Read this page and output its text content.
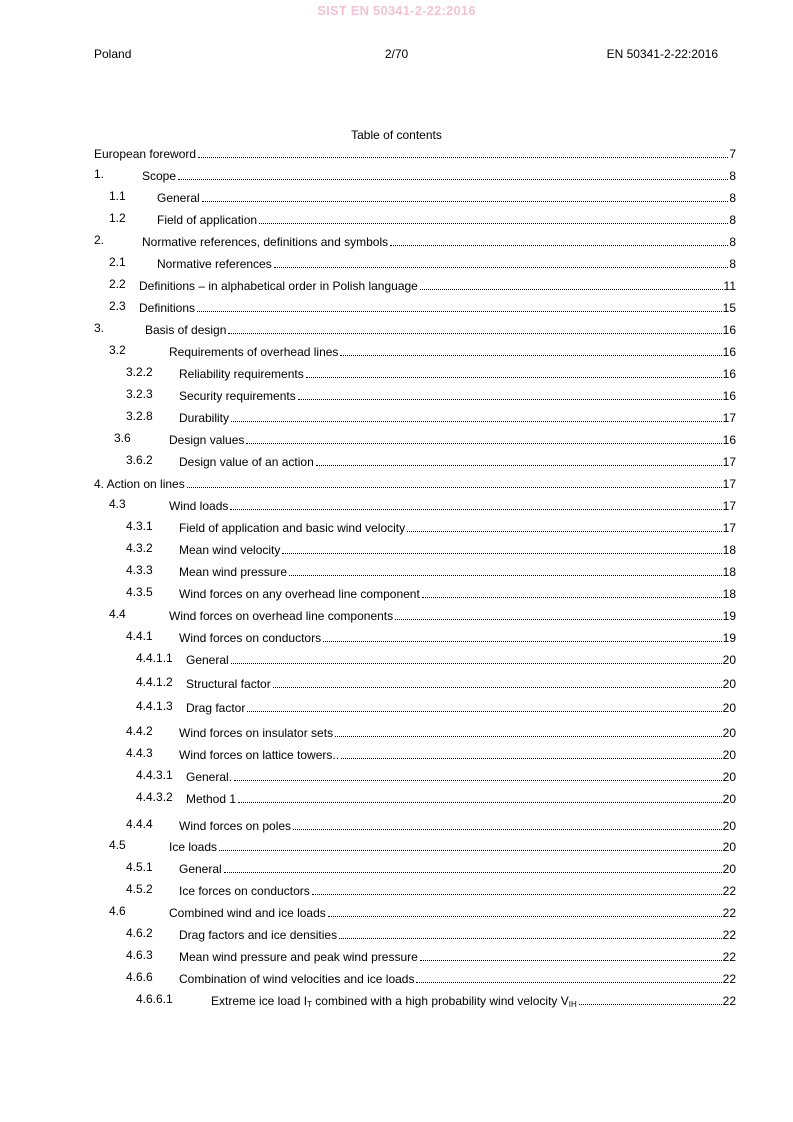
SIST EN 50341-2-22:2016
Poland	2/70	EN 50341-2-22:2016
Table of contents
European foreword	7
1.	Scope	8
1.1	General	8
1.2	Field of application	8
2.	Normative references, definitions and symbols	8
2.1	Normative references	8
2.2 Definitions – in alphabetical order in Polish language	11
2.3 Definitions	15
3.	Basis of design	16
3.2	Requirements of overhead lines	16
3.2.2 Reliability requirements	16
3.2.3 Security requirements	16
3.2.8 Durability	17
3.6	Design values	16
3.6.2 Design value of an action	17
4. Action on lines	17
4.3	Wind loads	17
4.3.1 Field of application and basic wind velocity	17
4.3.2 Mean wind velocity	18
4.3.3 Mean wind pressure	18
4.3.5 Wind forces on any overhead line component	18
4.4	Wind forces on overhead line components	19
4.4.1 Wind forces on conductors	19
4.4.1.1 General	20
4.4.1.2 Structural factor	20
4.4.1.3 Drag factor	20
4.4.2 Wind forces on insulator sets	20
4.4.3 Wind forces on lattice towers..	20
4.4.3.1 General.	20
4.4.3.2 Method 1	20
4.4.4 Wind forces on poles	20
4.5	Ice loads	20
4.5.1 General	20
4.5.2 Ice forces on conductors	22
4.6	Combined wind and ice loads	22
4.6.2 Drag factors and ice densities	22
4.6.3 Mean wind pressure and peak wind pressure	22
4.6.6 Combination of wind velocities and ice loads	22
4.6.6.1	Extreme ice load $I_T$ combined with a high probability wind velocity $V_{IH}$	22
